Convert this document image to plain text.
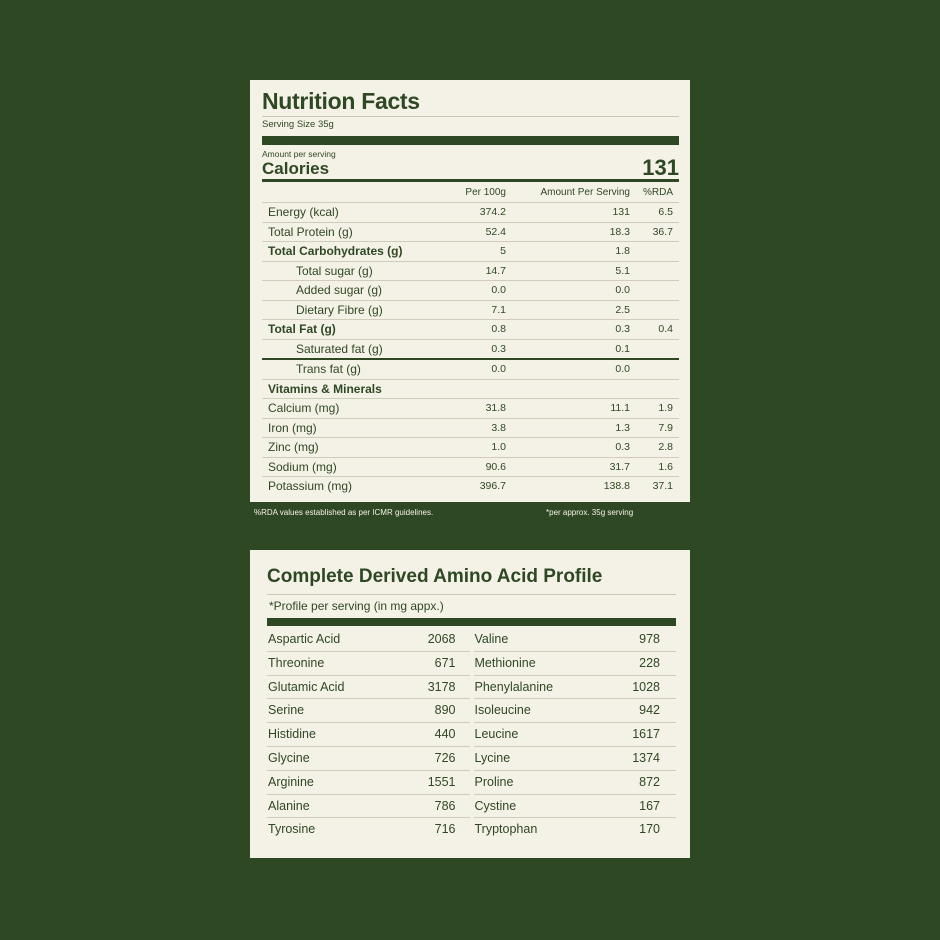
Nutrition Facts
Serving Size 35g
Amount per serving
Calories	131
	Per 100g	Amount Per Serving	%RDA
Energy (kcal)	374.2	131	6.5
Total Protein (g)	52.4	18.3	36.7
Total Carbohydrates (g)	5	1.8	
Total sugar (g)	14.7	5.1	
Added sugar (g)	0.0	0.0	
Dietary Fibre (g)	7.1	2.5	
Total Fat (g)	0.8	0.3	0.4
Saturated fat (g)	0.3	0.1	
Trans fat (g)	0.0	0.0	
Vitamins & Minerals			
Calcium (mg)	31.8	11.1	1.9
Iron (mg)	3.8	1.3	7.9
Zinc (mg)	1.0	0.3	2.8
Sodium (mg)	90.6	31.7	1.6
Potassium (mg)	396.7	138.8	37.1
%RDA values established as per ICMR guidelines.	*per approx. 35g serving
Complete Derived Amino Acid Profile
*Profile per serving (in mg appx.)
Aspartic Acid	2068
Threonine	671
Glutamic Acid	3178
Serine	890
Histidine	440
Glycine	726
Arginine	1551
Alanine	786
Tyrosine	716
Valine	978
Methionine	228
Phenylalanine	1028
Isoleucine	942
Leucine	1617
Lycine	1374
Proline	872
Cystine	167
Tryptophan	170
